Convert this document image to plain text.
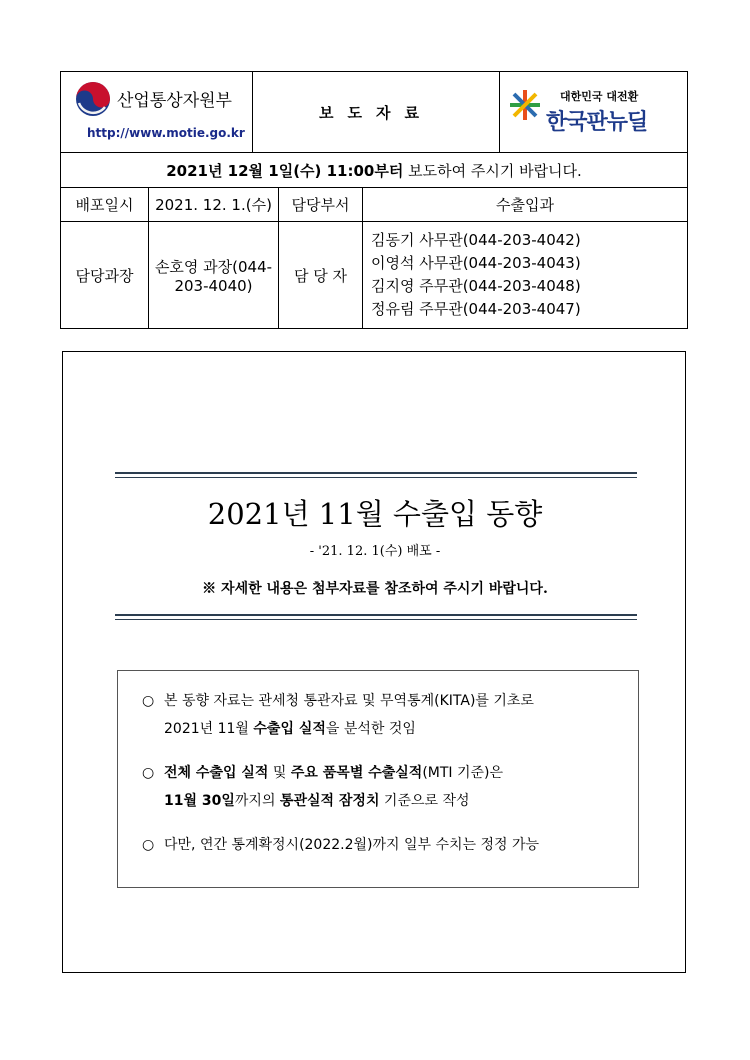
산업통상자원부
http://www.motie.go.kr		보도자료			대한민국 대전환
한국판뉴딜

2021년 12월 1일(수) 11:00부터 보도하여 주시기 바랍니다.					
배포일시	2021. 12. 1.(수)		담당부서	수출입과	
담당과장	손호영 과장(044-203-4040)		담 당 자	김동기 사무관(044-203-4042)
이영석 사무관(044-203-4043)
김지영 주무관(044-203-4048)
정유림 주무관(044-203-4047)	
2021년 11월 수출입 동향
- '21. 12. 1(수) 배포 -
※ 자세한 내용은 첨부자료를 참조하여 주시기 바랍니다.
○ 본 동향 자료는 관세청 통관자료 및 무역통계(KITA)를 기초로
2021년 11월 수출입 실적을 분석한 것임
○ 전체 수출입 실적 및 주요 품목별 수출실적(MTI 기준)은
11월 30일까지의 통관실적 잠정치 기준으로 작성
○ 다만, 연간 통계확정시(2022.2월)까지 일부 수치는 정정 가능
